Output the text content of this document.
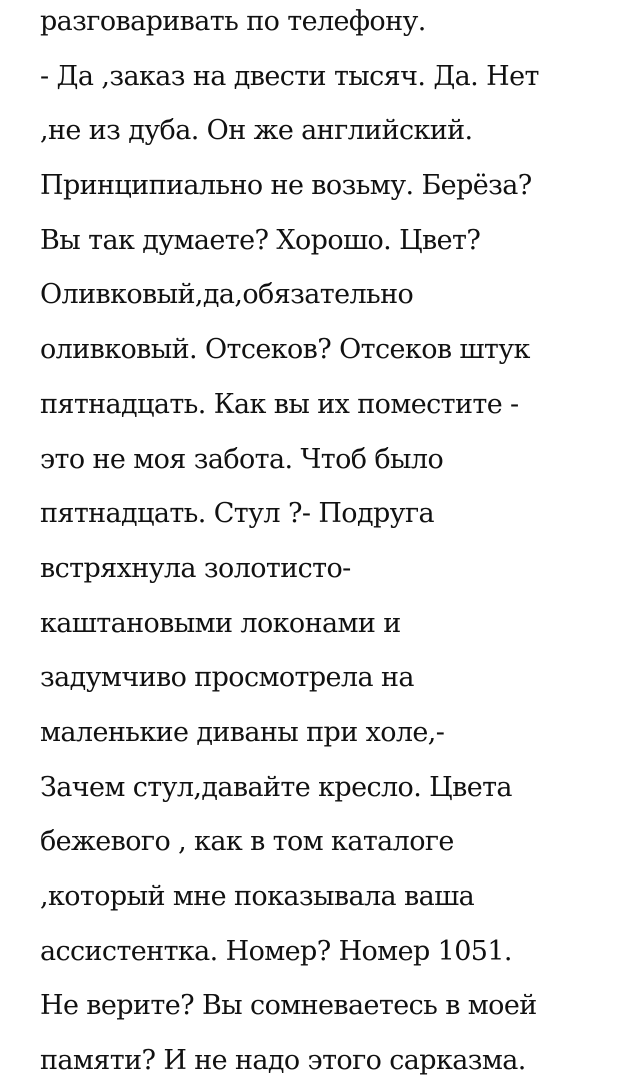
разговаривать по телефону.
- Да ,заказ на двести тысяч. Да. Нет
,не из дуба. Он же английский.
Принципиально не возьму. Берёза?
Вы так думаете? Хорошо. Цвет?
Оливковый,да,обязательно
оливковый. Отсеков? Отсеков штук
пятнадцать. Как вы их поместите -
это не моя забота. Чтоб было
пятнадцать. Стул ?- Подруга
встряхнула золотисто-
каштановыми локонами и
задумчиво просмотрела на
маленькие диваны при холе,-
Зачем стул,давайте кресло. Цвета
бежевого , как в том каталоге
,который мне показывала ваша
ассистентка. Номер? Номер 1051.
Не верите? Вы сомневаетесь в моей
памяти? И не надо этого сарказма.
